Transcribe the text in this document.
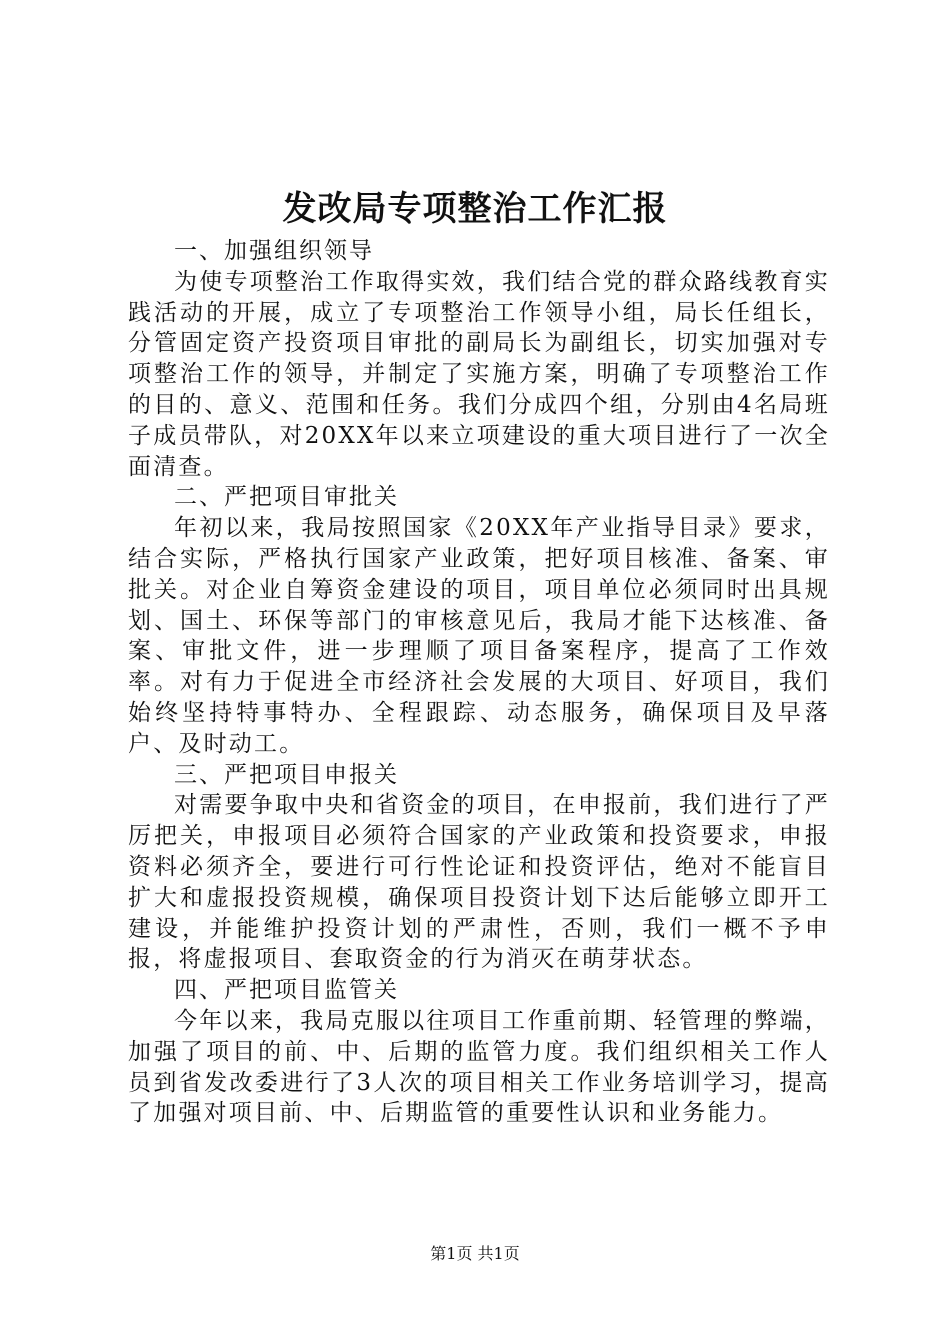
发改局专项整治工作汇报

一、加强组织领导

为使专项整治工作取得实效，我们结合党的群众路线教育实践活动的开展，成立了专项整治工作领导小组，局长任组长，分管固定资产投资项目审批的副局长为副组长，切实加强对专项整治工作的领导，并制定了实施方案，明确了专项整治工作的目的、意义、范围和任务。我们分成四个组，分别由4名局班子成员带队，对20XX年以来立项建设的重大项目进行了一次全面清查。

二、严把项目审批关

年初以来，我局按照国家《20XX年产业指导目录》要求，结合实际，严格执行国家产业政策，把好项目核准、备案、审批关。对企业自筹资金建设的项目，项目单位必须同时出具规划、国土、环保等部门的审核意见后，我局才能下达核准、备案、审批文件，进一步理顺了项目备案程序，提高了工作效率。对有力于促进全市经济社会发展的大项目、好项目，我们始终坚持特事特办、全程跟踪、动态服务，确保项目及早落户、及时动工。

三、严把项目申报关

对需要争取中央和省资金的项目，在申报前，我们进行了严厉把关，申报项目必须符合国家的产业政策和投资要求，申报资料必须齐全，要进行可行性论证和投资评估，绝对不能盲目扩大和虚报投资规模，确保项目投资计划下达后能够立即开工建设，并能维护投资计划的严肃性，否则，我们一概不予申报，将虚报项目、套取资金的行为消灭在萌芽状态。

四、严把项目监管关

今年以来，我局克服以往项目工作重前期、轻管理的弊端，加强了项目的前、中、后期的监管力度。我们组织相关工作人员到省发改委进行了3人次的项目相关工作业务培训学习，提高了加强对项目前、中、后期监管的重要性认识和业务能力。

第1页 共1页
